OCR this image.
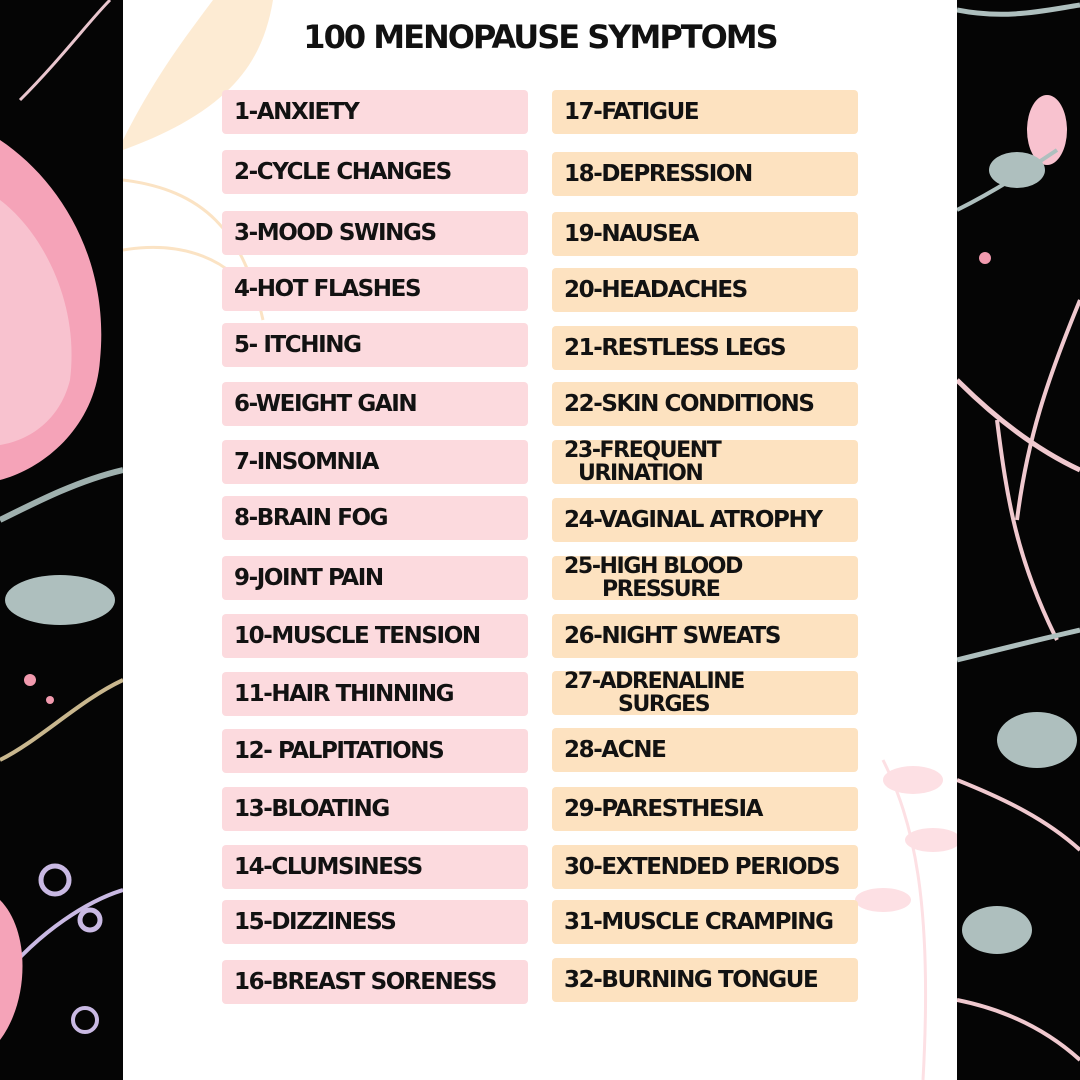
100 MENOPAUSE SYMPTOMS
1-ANXIETY
2-CYCLE CHANGES
3-MOOD SWINGS
4-HOT FLASHES
5- ITCHING
6-WEIGHT GAIN
7-INSOMNIA
8-BRAIN FOG
9-JOINT PAIN
10-MUSCLE TENSION
11-HAIR THINNING
12- PALPITATIONS
13-BLOATING
14-CLUMSINESS
15-DIZZINESS
16-BREAST SORENESS
17-FATIGUE
18-DEPRESSION
19-NAUSEA
20-HEADACHES
21-RESTLESS LEGS
22-SKIN CONDITIONS
23-FREQUENT
URINATION
24-VAGINAL ATROPHY
25-HIGH BLOOD
PRESSURE
26-NIGHT SWEATS
27-ADRENALINE
SURGES
28-ACNE
29-PARESTHESIA
30-EXTENDED PERIODS
31-MUSCLE CRAMPING
32-BURNING TONGUE
